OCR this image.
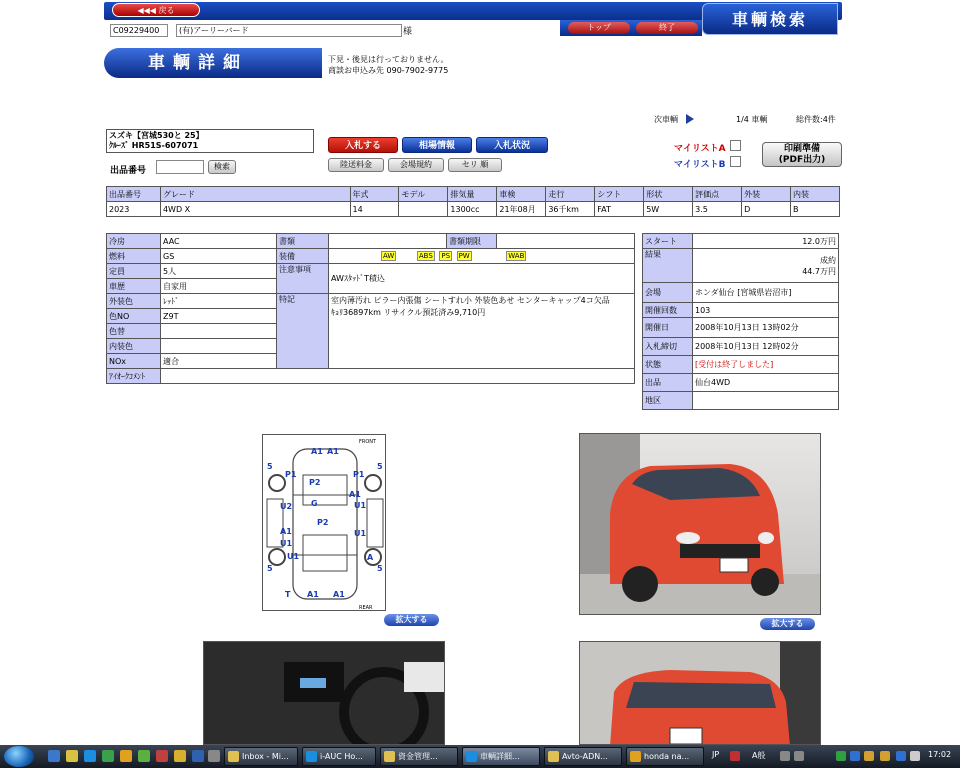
◀◀◀ 戻る
トップ	終了	車輌検索
C09229400	(有)アーリーバード	様
車輌詳細	下見・後見は行っておりません。
商談お申込み先 090-7902-9775
次車輌	1/4 車輌	総件数:4件
スズキ【宮城530と 25】
ｸﾙｰｽﾞ HR51S-607071	入札する	相場情報	入札状況
陸送料金	会場規約	セリ 順
マイリストA
マイリストB
印刷準備
(PDF出力)
出品番号	検索
出品番号	グレード	年式	モデル	排気量	車検	走行	シフト	形状	評価点	外装	内装
2023	4WD X	14		1300cc	21年08月	36千km	FAT	5W	3.5	D	B
冷房	AAC	書類		書類期限	
燃料	GS	装備	AW ABS PS PW WAB		
定員	5人	注意事項	AWｽﾀｯﾄﾞT積込		
車歴	自家用				
外装色	ﾚｯﾄﾞ	特記	室内薄汚れ ピラー内張傷 シートすれ小 外装色あせ センターキャップ4コ欠品
ｷｮﾘ36897km リサイクル預託済み9,710円		

色NO	Z9T				
色替					
内装色					
NOx	適合				
ｱｲｵｰｸｺﾒﾝﾄ					
スタート	12.0万円
結果	成約
44.7万円

会場	ホンダ仙台 [宮城県岩沼市]
開催回数	103
開催日	2008年10月13日 13時02分
入札締切	2008年10月13日 12時02分
状態	[受付は終了しました]
出品	仙台4WD
地区	
FRONT
REAR
A1 A1
P1	P1
P2
G
A1
U2	U1
P2
A1	U1
U1
U1	A
A1 A1
5	5
5	5
T
拡大する	拡大する
Inbox - Mi...	i-AUC Ho...	資金管理...	車輌詳細...	Avto-ADN...	honda na...	JP	A般	17:02
